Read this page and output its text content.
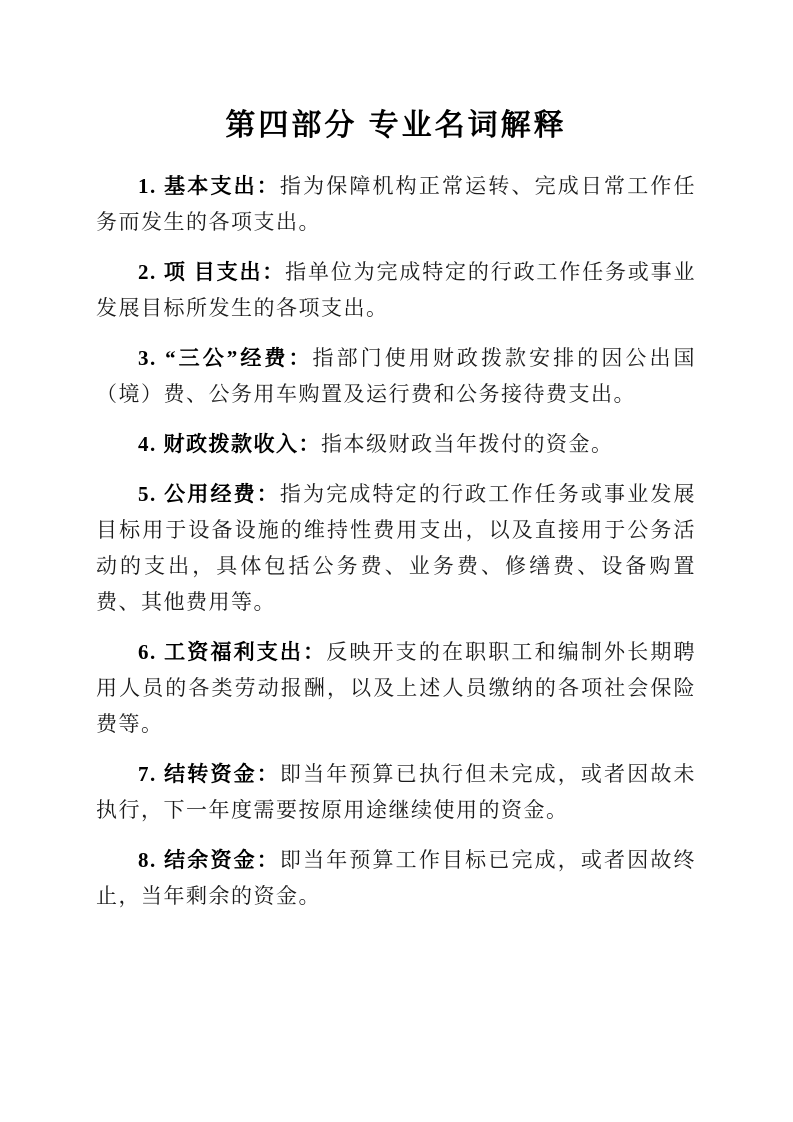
第四部分 专业名词解释

1. 基本支出：指为保障机构正常运转、完成日常工作任务而发生的各项支出。

2. 项 目支出：指单位为完成特定的行政工作任务或事业发展目标所发生的各项支出。

3. “三公”经费：指部门使用财政拨款安排的因公出国（境）费、公务用车购置及运行费和公务接待费支出。

4. 财政拨款收入：指本级财政当年拨付的资金。

5. 公用经费：指为完成特定的行政工作任务或事业发展目标用于设备设施的维持性费用支出，以及直接用于公务活动的支出，具体包括公务费、业务费、修缮费、设备购置费、其他费用等。

6. 工资福利支出：反映开支的在职职工和编制外长期聘用人员的各类劳动报酬，以及上述人员缴纳的各项社会保险费等。

7. 结转资金：即当年预算已执行但未完成，或者因故未执行，下一年度需要按原用途继续使用的资金。

8. 结余资金：即当年预算工作目标已完成，或者因故终止，当年剩余的资金。
